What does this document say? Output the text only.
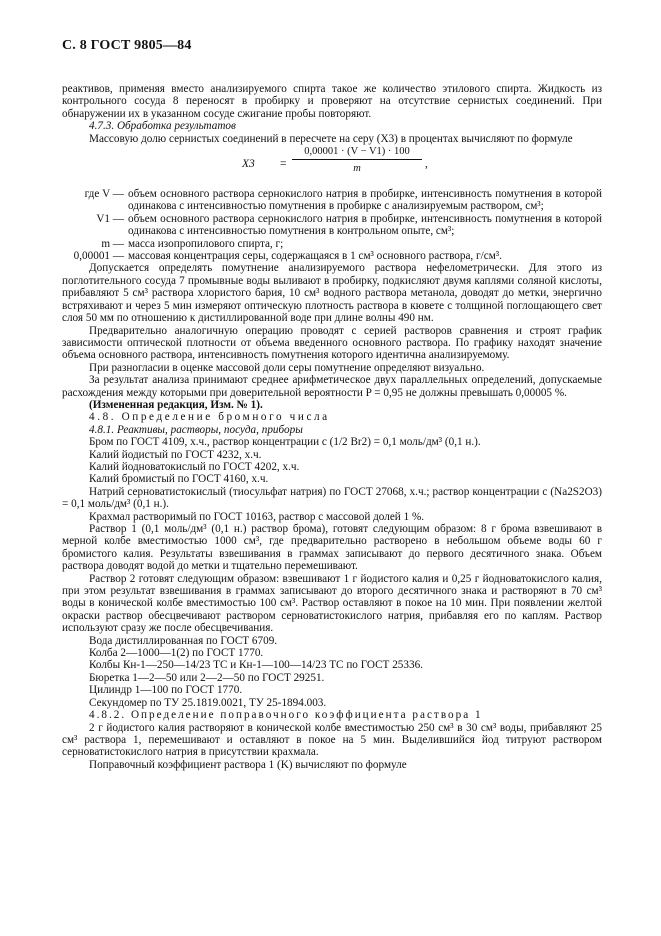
С. 8 ГОСТ 9805—84

реактивов, применяя вместо анализируемого спирта такое же количество этилового спирта. Жидкость из контрольного сосуда 8 переносят в пробирку и проверяют на отсутствие сернистых соединений. При обнаружении их в указанном сосуде сжигание пробы повторяют.

4.7.3. Обработка результатов

Массовую долю сернистых соединений в пересчете на серу (X3) в процентах вычисляют по формуле

$X3 = \frac{0,00001 \cdot (V - V1) \cdot 100}{m}$ ,
где V — объем основного раствора сернокислого натрия в пробирке, интенсивность помутнения в которой одинакова с интенсивностью помутнения в пробирке с анализируемым раствором, см³;
V1 — объем основного раствора сернокислого натрия в пробирке, интенсивность помутнения в которой одинакова с интенсивностью помутнения в контрольном опыте, см³;
m — масса изопропилового спирта, г;
0,00001 — массовая концентрация серы, содержащаяся в 1 см³ основного раствора, г/см³.

Допускается определять помутнение анализируемого раствора нефелометрически. Для этого из поглотительного сосуда 7 промывные воды выливают в пробирку, подкисляют двумя каплями соляной кислоты, прибавляют 5 см³ раствора хлористого бария, 10 см³ водного раствора метанола, доводят до метки, энергично встряхивают и через 5 мин измеряют оптическую плотность раствора в кювете с толщиной поглощающего свет слоя 50 мм по отношению к дистиллированной воде при длине волны 490 нм.

Предварительно аналогичную операцию проводят с серией растворов сравнения и строят график зависимости оптической плотности от объема введенного основного раствора. По графику находят значение объема основного раствора, интенсивность помутнения которого идентична анализируемому.

При разногласии в оценке массовой доли серы помутнение определяют визуально.

За результат анализа принимают среднее арифметическое двух параллельных определений, допускаемые расхождения между которыми при доверительной вероятности P = 0,95 не должны превышать 0,00005 %.

(Измененная редакция, Изм. № 1).

4.8. Определение бромного числа

4.8.1. Реактивы, растворы, посуда, приборы

Бром по ГОСТ 4109, х.ч., раствор концентрации c (1/2 Br2) = 0,1 моль/дм³ (0,1 н.).

Калий йодистый по ГОСТ 4232, х.ч.

Калий йодноватокислый по ГОСТ 4202, х.ч.

Калий бромистый по ГОСТ 4160, х.ч.

Натрий серноватистокислый (тиосульфат натрия) по ГОСТ 27068, х.ч.; раствор концентрации c (Na2S2O3) = 0,1 моль/дм³ (0,1 н.).

Крахмал растворимый по ГОСТ 10163, раствор с массовой долей 1 %.

Раствор 1 (0,1 моль/дм³ (0,1 н.) раствор брома), готовят следующим образом: 8 г брома взвешивают в мерной колбе вместимостью 1000 см³, где предварительно растворено в небольшом объеме воды 60 г бромистого калия. Результаты взвешивания в граммах записывают до первого десятичного знака. Объем раствора доводят водой до метки и тщательно перемешивают.

Раствор 2 готовят следующим образом: взвешивают 1 г йодистого калия и 0,25 г йодноватокислого калия, при этом результат взвешивания в граммах записывают до второго десятичного знака и растворяют в 70 см³ воды в конической колбе вместимостью 100 см³. Раствор оставляют в покое на 10 мин. При появлении желтой окраски раствор обесцвечивают раствором серноватистокислого натрия, прибавляя его по каплям. Раствор используют сразу же после обесцвечивания.

Вода дистиллированная по ГОСТ 6709.

Колба 2—1000—1(2) по ГОСТ 1770.

Колбы Кн-1—250—14/23 ТС и Кн-1—100—14/23 ТС по ГОСТ 25336.

Бюретка 1—2—50 или 2—2—50 по ГОСТ 29251.

Цилиндр 1—100 по ГОСТ 1770.

Секундомер по ТУ 25.1819.0021, ТУ 25-1894.003.

4.8.2. Определение поправочного коэффициента раствора 1

2 г йодистого калия растворяют в конической колбе вместимостью 250 см³ в 30 см³ воды, прибавляют 25 см³ раствора 1, перемешивают и оставляют в покое на 5 мин. Выделившийся йод титруют раствором серноватистокислого натрия в присутствии крахмала.

Поправочный коэффициент раствора 1 (K) вычисляют по формуле
